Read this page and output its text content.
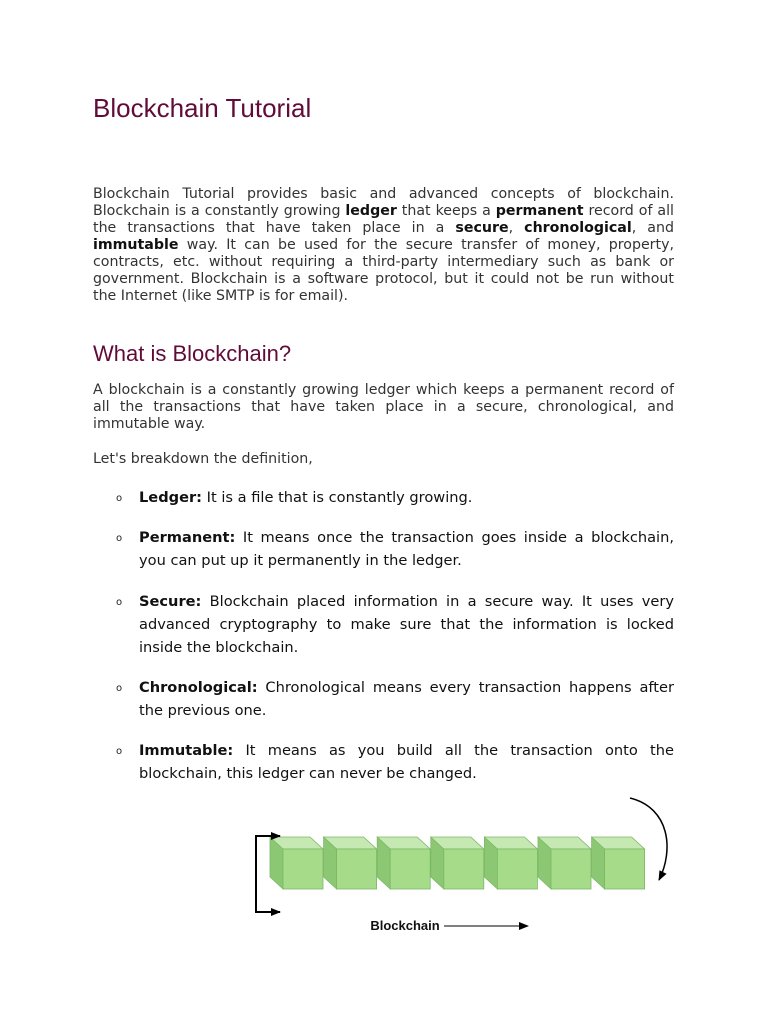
Blockchain Tutorial

Blockchain Tutorial provides basic and advanced concepts of blockchain. Blockchain is a constantly growing ledger that keeps a permanent record of all the transactions that have taken place in a secure, chronological, and immutable way. It can be used for the secure transfer of money, property, contracts, etc. without requiring a third-party intermediary such as bank or government. Blockchain is a software protocol, but it could not be run without the Internet (like SMTP is for email).

What is Blockchain?

A blockchain is a constantly growing ledger which keeps a permanent record of all the transactions that have taken place in a secure, chronological, and immutable way.

Let's breakdown the definition,

o Ledger: It is a file that is constantly growing.
o Permanent: It means once the transaction goes inside a blockchain, you can put up it permanently in the ledger.
o Secure: Blockchain placed information in a secure way. It uses very advanced cryptography to make sure that the information is locked inside the blockchain.
o Chronological: Chronological means every transaction happens after the previous one.
o Immutable: It means as you build all the transaction onto the blockchain, this ledger can never be changed.
Blockchain
